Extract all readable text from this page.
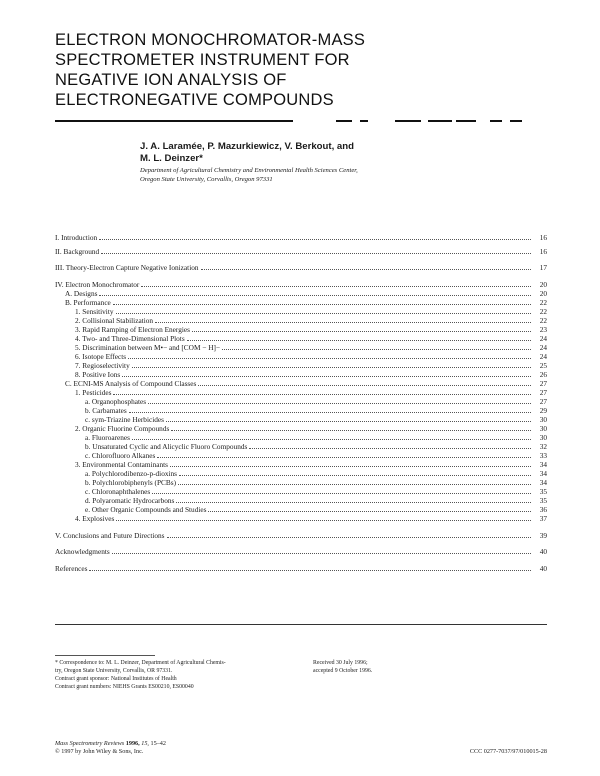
ELECTRON MONOCHROMATOR-MASS
SPECTROMETER INSTRUMENT FOR
NEGATIVE ION ANALYSIS OF
ELECTRONEGATIVE COMPOUNDS
J. A. Laramée, P. Mazurkiewicz, V. Berkout, and
M. L. Deinzer*
Department of Agricultural Chemistry and Environmental Health Sciences Center,
Oregon State University, Corvallis, Oregon 97331
I. Introduction	16
II. Background	16
III. Theory-Electron Capture Negative Ionization	17
IV. Electron Monochromator	20
A. Designs	20
B. Performance	22
1. Sensitivity	22
2. Collisional Stabilization	22
3. Rapid Ramping of Electron Energies	23
4. Two- and Three-Dimensional Plots	24
5. Discrimination between M•− and [COM − H]−	24
6. Isotope Effects	24
7. Regioselectivity	25
8. Positive Ions	26
C. ECNI-MS Analysis of Compound Classes	27
1. Pesticides	27
a. Organophosphates	27
b. Carbamates	29
c. sym-Triazine Herbicides	30
2. Organic Fluorine Compounds	30
a. Fluoroarenes	30
b. Unsaturated Cyclic and Alicyclic Fluoro Compounds	32
c. Chlorofluoro Alkanes	33
3. Environmental Contaminants	34
a. Polychlorodibenzo-p-dioxins	34
b. Polychlorobiphenyls (PCBs)	34
c. Chloronaphthalenes	35
d. Polyaromatic Hydrocarbons	35
e. Other Organic Compounds and Studies	36
4. Explosives	37
V. Conclusions and Future Directions	39
Acknowledgments	40
References	40
* Correspondence to: M. L. Deinzer, Department of Agricultural Chemis-
try, Oregon State University, Corvallis, OR 97331.
Contract grant sponsor: National Institutes of Health
Contract grant numbers: NIEHS Grants ES00210, ES00040
Received 30 July 1996;
accepted 9 October 1996.
Mass Spectrometry Reviews 1996, 15, 15–42
© 1997 by John Wiley & Sons, Inc.	CCC 0277-7037/97/010015-28
